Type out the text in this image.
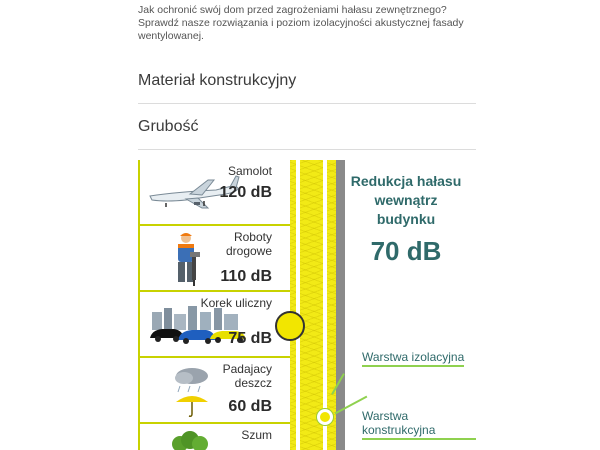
Jak ochronić swój dom przed zagrożeniami hałasu zewnętrznego? Sprawdź nasze rozwiązania i poziom izolacyjności akustycznej fasady wentylowanej.

Materiał konstrukcyjny
Grubość
Samolot
120 dB
Roboty drogowe
110 dB
Korek uliczny
75 dB
Padajacy deszcz
60 dB
Szum
Redukcja hałasu wewnątrz budynku
70 dB
Warstwa izolacyjna
Warstwa konstrukcyjna
